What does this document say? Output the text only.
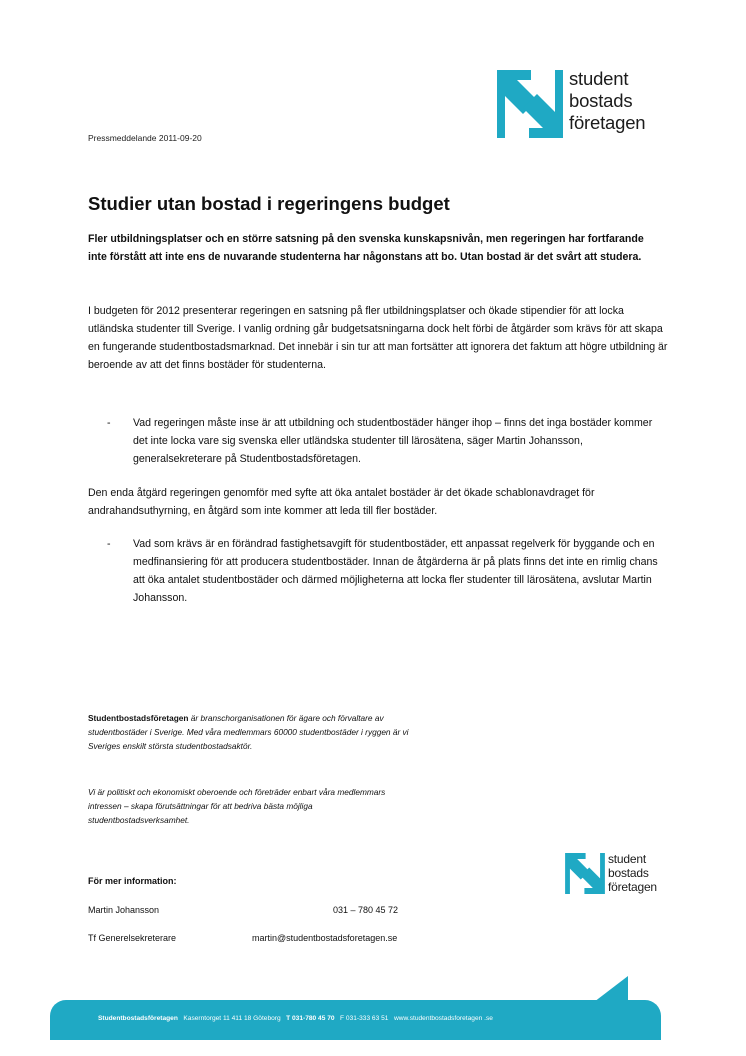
student
bostads
företagen
Pressmeddelande 2011-09-20
Studier utan bostad i regeringens budget
Fler utbildningsplatser och en större satsning på den svenska kunskapsnivån, men regeringen har fortfarande inte förstått att inte ens de nuvarande studenterna har någonstans att bo. Utan bostad är det svårt att studera.
I budgeten för 2012 presenterar regeringen en satsning på fler utbildningsplatser och ökade stipendier för att locka utländska studenter till Sverige. I vanlig ordning går budgetsatsningarna dock helt förbi de åtgärder som krävs för att skapa en fungerande studentbostadsmarknad. Det innebär i sin tur att man fortsätter att ignorera det faktum att högre utbildning är beroende av att det finns bostäder för studenterna.
- Vad regeringen måste inse är att utbildning och studentbostäder hänger ihop – finns det inga bostäder kommer det inte locka vare sig svenska eller utländska studenter till lärosätena, säger Martin Johansson, generalsekreterare på Studentbostadsföretagen.
Den enda åtgärd regeringen genomför med syfte att öka antalet bostäder är det ökade schablonavdraget för andrahandsuthyrning, en åtgärd som inte kommer att leda till fler bostäder.
- Vad som krävs är en förändrad fastighetsavgift för studentbostäder, ett anpassat regelverk för byggande och en medfinansiering för att producera studentbostäder. Innan de åtgärderna är på plats finns det inte en rimlig chans att öka antalet studentbostäder och därmed möjligheterna att locka fler studenter till lärosätena, avslutar Martin Johansson.
Studentbostadsföretagen är branschorganisationen för ägare och förvaltare av studentbostäder i Sverige. Med våra medlemmars 60000 studentbostäder i ryggen är vi Sveriges enskilt största studentbostadsaktör.
Vi är politiskt och ekonomiskt oberoende och företräder enbart våra medlemmars intressen – skapa förutsättningar för att bedriva bästa möjliga studentbostadsverksamhet.
student
bostads
företagen
För mer information:
Martin Johansson	031 – 780 45 72
Tf Generelsekreterare	martin@studentbostadsforetagen.se
Studentbostadsföretagen Kaserntorget 11 411 18 Göteborg T 031-780 45 70 F 031-333 63 51 www.studentbostadsforetagen .se
